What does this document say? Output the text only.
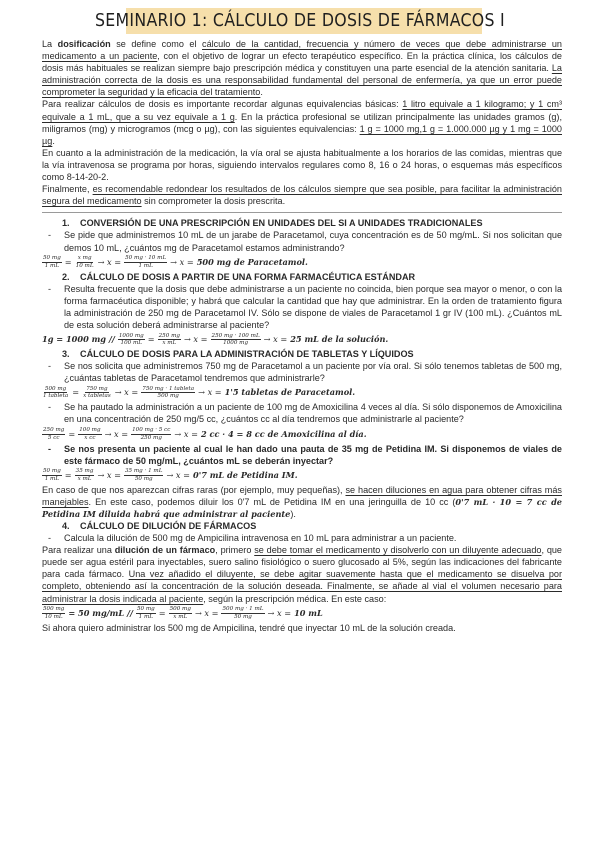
SEMINARIO 1: CÁLCULO DE DOSIS DE FÁRMACOS I

La dosificación se define como el cálculo de la cantidad, frecuencia y número de veces que debe administrarse un medicamento a un paciente, con el objetivo de lograr un efecto terapéutico específico. En la práctica clínica, los cálculos de dosis más habituales se realizan siempre bajo prescripción médica y constituyen una parte esencial de la atención sanitaria. La administración correcta de la dosis es una responsabilidad fundamental del personal de enfermería, ya que un error puede comprometer la seguridad y la eficacia del tratamiento.

Para realizar cálculos de dosis es importante recordar algunas equivalencias básicas: 1 litro equivale a 1 kilogramo; y 1 cm³ equivale a 1 mL, que a su vez equivale a 1 g. En la práctica profesional se utilizan principalmente las unidades gramos (g), miligramos (mg) y microgramos (mcg o µg), con las siguientes equivalencias: 1 g = 1000 mg,1 g = 1.000.000 µg y 1 mg = 1000 µg.

En cuanto a la administración de la medicación, la vía oral se ajusta habitualmente a los horarios de las comidas, mientras que la vía intravenosa se programa por horas, siguiendo intervalos regulares como 8, 16 o 24 horas, o esquemas más específicos como 8-14-20-2.

Finalmente, es recomendable redondear los resultados de los cálculos siempre que sea posible, para facilitar la administración segura del medicamento sin comprometer la dosis prescrita.

1. CONVERSIÓN DE UNA PRESCRIPCIÓN EN UNIDADES DEL SI A UNIDADES TRADICIONALES

- Se pide que administremos 10 mL de un jarabe de Paracetamol, cuya concentración es de 50 mg/mL. Si nos solicitan que demos 10 mL, ¿cuántos mg de Paracetamol estamos administrando?

$\frac{50 mg}{1 mL} = \frac{\text{x mg}}{10 mL} \to x = \frac{50 mg \cdot 10 mL}{1 mL} \to x = 500$ mg de Paracetamol.
2. CÁLCULO DE DOSIS A PARTIR DE UNA FORMA FARMACÉUTICA ESTÁNDAR

- Resulta frecuente que la dosis que debe administrarse a un paciente no coincida, bien porque sea mayor o menor, o con la forma farmacéutica disponible; y habrá que calcular la cantidad que hay que administrar. En la orden de tratamiento figura la administración de 250 mg de Paracetamol IV. Sólo se dispone de viales de Paracetamol 1 gr IV (100 mL). ¿Cuántos mL de esta solución deberá administrarse al paciente?

1g = 1000 mg // $\frac{1000 mg}{100 mL} = \frac{250 mg}{\text{x mL}} \to x = \frac{250 mg \cdot 100 mL}{1000 mg} \to x = 25$ mL de la solución.
3. CÁLCULO DE DOSIS PARA LA ADMINISTRACIÓN DE TABLETAS Y LÍQUIDOS

- Se nos solicita que administremos 750 mg de Paracetamol a un paciente por vía oral. Si sólo tenemos tabletas de 500 mg, ¿cuántas tabletas de Paracetamol tendremos que administrarle?

$\frac{500 mg}{\text{1 tableta}} = \frac{750 mg}{\text{x tabletas}} \to x = \frac{\text{750 mg · 1 tableta}}{500 mg} \to x = 1'5$ tabletas de Paracetamol.

- Se ha pautado la administración a un paciente de 100 mg de Amoxicilina 4 veces al día. Si sólo disponemos de Amoxicilina en una concentración de 250 mg/5 cc, ¿cuántos cc al día tendremos que administrarle al paciente?

$\frac{250 mg}{5 cc} = \frac{100 mg}{\text{x cc}} \to x = \frac{100 mg \cdot 5 cc}{250 mg} \to x = 2$ cc · 4 = 8 cc de Amoxicilina al día.

- Se nos presenta un paciente al cual le han dado una pauta de 35 mg de Petidina IM. Si disponemos de viales de este fármaco de 50 mg/mL, ¿cuántos mL se deberán inyectar?

$\frac{50 mg}{1 mL} = \frac{35 mg}{\text{x mL}} \to x = \frac{35 mg \cdot 1 mL}{50 mg} \to x = 0'7$ mL de Petidina IM.

En caso de que nos aparezcan cifras raras (por ejemplo, muy pequeñas), se hacen diluciones en agua para obtener cifras más manejables. En este caso, podemos diluir los 0'7 mL de Petidina IM en una jeringuilla de 10 cc (0'7 mL · 10 = 7 cc de Petidina IM diluida habrá que administrar al paciente).

4. CÁLCULO DE DILUCIÓN DE FÁRMACOS

- Calcula la dilución de 500 mg de Ampicilina intravenosa en 10 mL para administrar a un paciente.

Para realizar una dilución de un fármaco, primero se debe tomar el medicamento y disolverlo con un diluyente adecuado, que puede ser agua estéril para inyectables, suero salino fisiológico o suero glucosado al 5%, según las indicaciones del fabricante para cada fármaco. Una vez añadido el diluyente, se debe agitar suavemente hasta que el medicamento se disuelva por completo, obteniendo así la concentración de la solución deseada. Finalmente, se añade al vial el volumen necesario para administrar la dosis indicada al paciente, según la prescripción médica. En este caso:

$\frac{500 mg}{10 mL} = 50$ $mg/mL // \frac{50 mg}{1 mL} = \frac{500 mg}{\text{x mL}} \to x = \frac{500 mg \cdot 1 mL}{50 mg} \to x = 10$ mL

Si ahora quiero administrar los 500 mg de Ampicilina, tendré que inyectar 10 mL de la solución creada.
